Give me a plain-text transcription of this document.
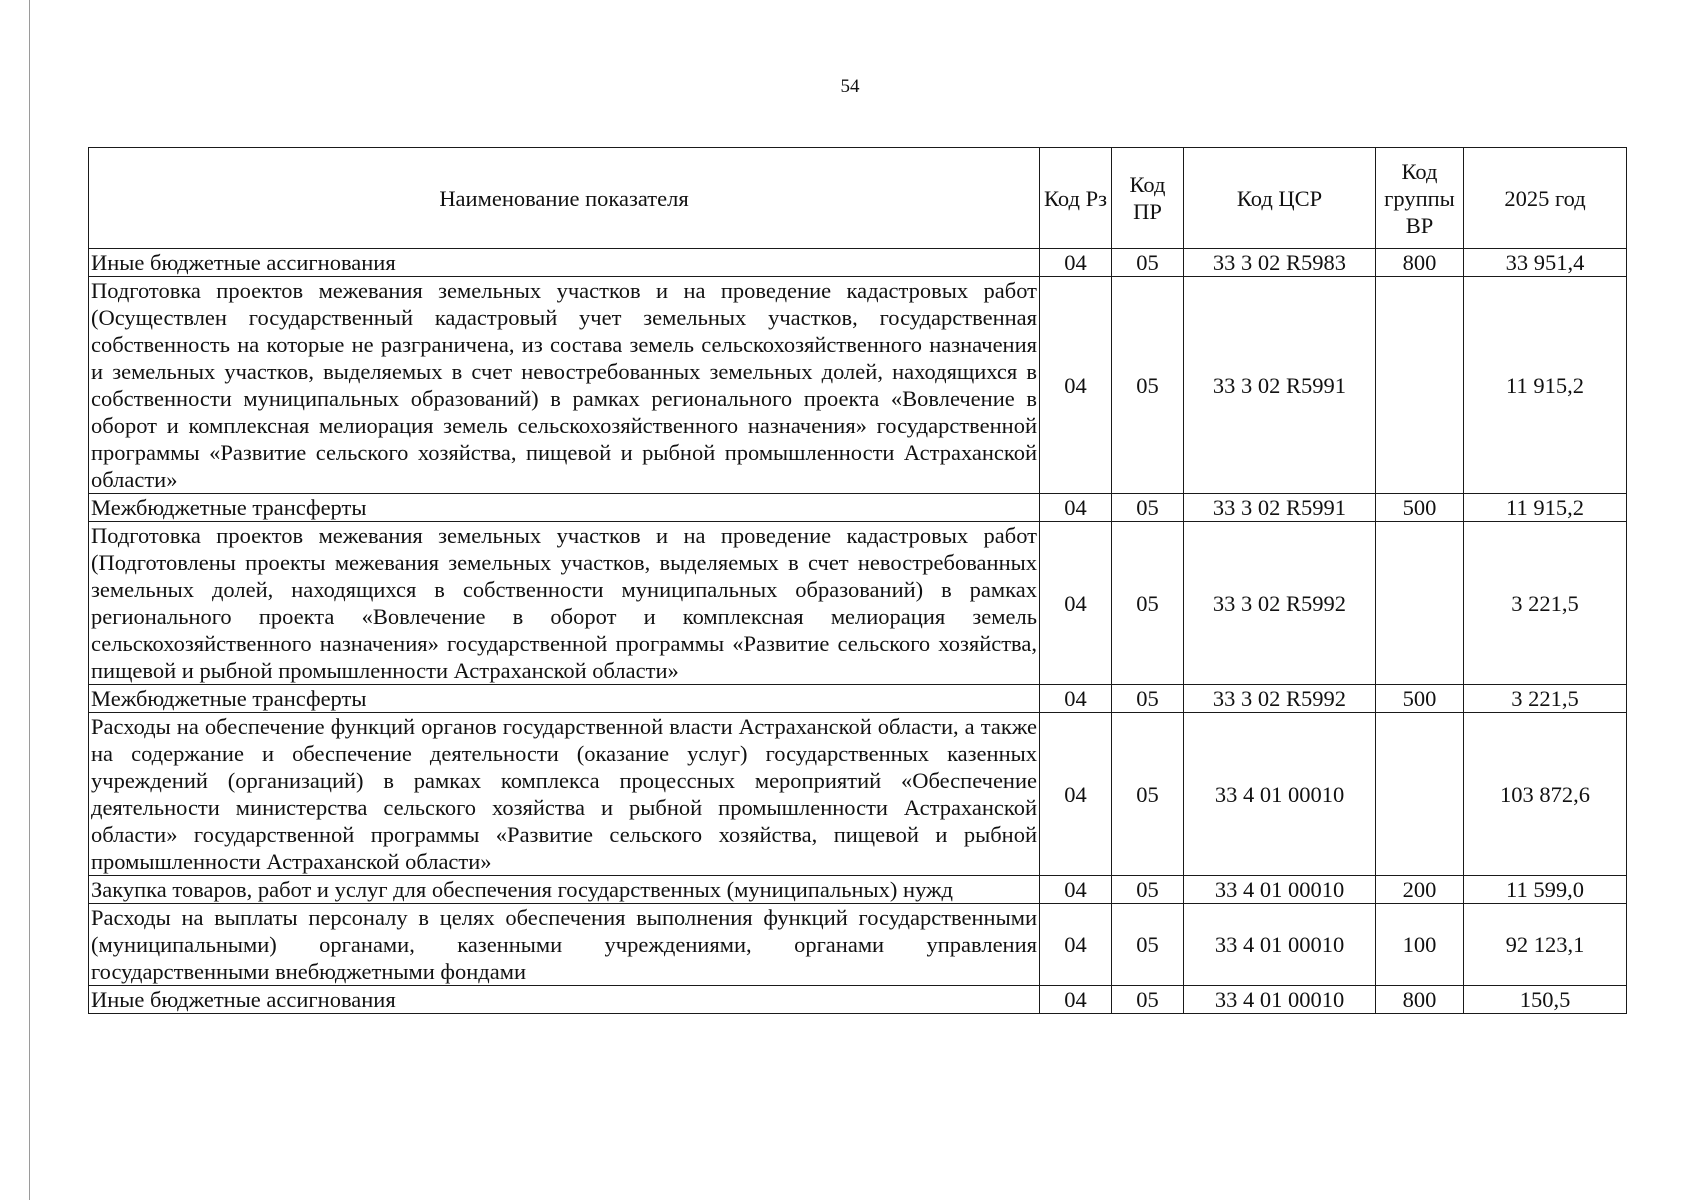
54
Наименование показателя	Код Рз	Код ПР	Код ЦСР	Код группы ВР	2025 год
Иные бюджетные ассигнования	04	05	33 3 02 R5983	800	33 951,4
Подготовка проектов межевания земельных участков и на проведение кадастровых работ (Осуществлен государственный кадастровый учет земельных участков, государственная собственность на которые не разграничена, из состава земель сельскохозяйственного назначения и земельных участков, выделяемых в счет невостребованных земельных долей, находящихся в собственности муниципальных образований) в рамках регионального проекта «Вовлечение в оборот и комплексная мелиорация земель сельскохозяйственного назначения» государственной программы «Развитие сельского хозяйства, пищевой и рыбной промышленности Астраханской области»	04	05	33 3 02 R5991		11 915,2
Межбюджетные трансферты	04	05	33 3 02 R5991	500	11 915,2
Подготовка проектов межевания земельных участков и на проведение кадастровых работ (Подготовлены проекты межевания земельных участков, выделяемых в счет невостребованных земельных долей, находящихся в собственности муниципальных образований) в рамках регионального проекта «Вовлечение в оборот и комплексная мелиорация земель сельскохозяйственного назначения» государственной программы «Развитие сельского хозяйства, пищевой и рыбной промышленности Астраханской области»	04	05	33 3 02 R5992		3 221,5
Межбюджетные трансферты	04	05	33 3 02 R5992	500	3 221,5
Расходы на обеспечение функций органов государственной власти Астраханской области, а также на содержание и обеспечение деятельности (оказание услуг) государственных казенных учреждений (организаций) в рамках комплекса процессных мероприятий «Обеспечение деятельности министерства сельского хозяйства и рыбной промышленности Астраханской области» государственной программы «Развитие сельского хозяйства, пищевой и рыбной промышленности Астраханской области»	04	05	33 4 01 00010		103 872,6
Закупка товаров, работ и услуг для обеспечения государственных (муниципальных) нужд	04	05	33 4 01 00010	200	11 599,0
Расходы на выплаты персоналу в целях обеспечения выполнения функций государственными (муниципальными) органами, казенными учреждениями, органами управления государственными внебюджетными фондами	04	05	33 4 01 00010	100	92 123,1
Иные бюджетные ассигнования	04	05	33 4 01 00010	800	150,5
